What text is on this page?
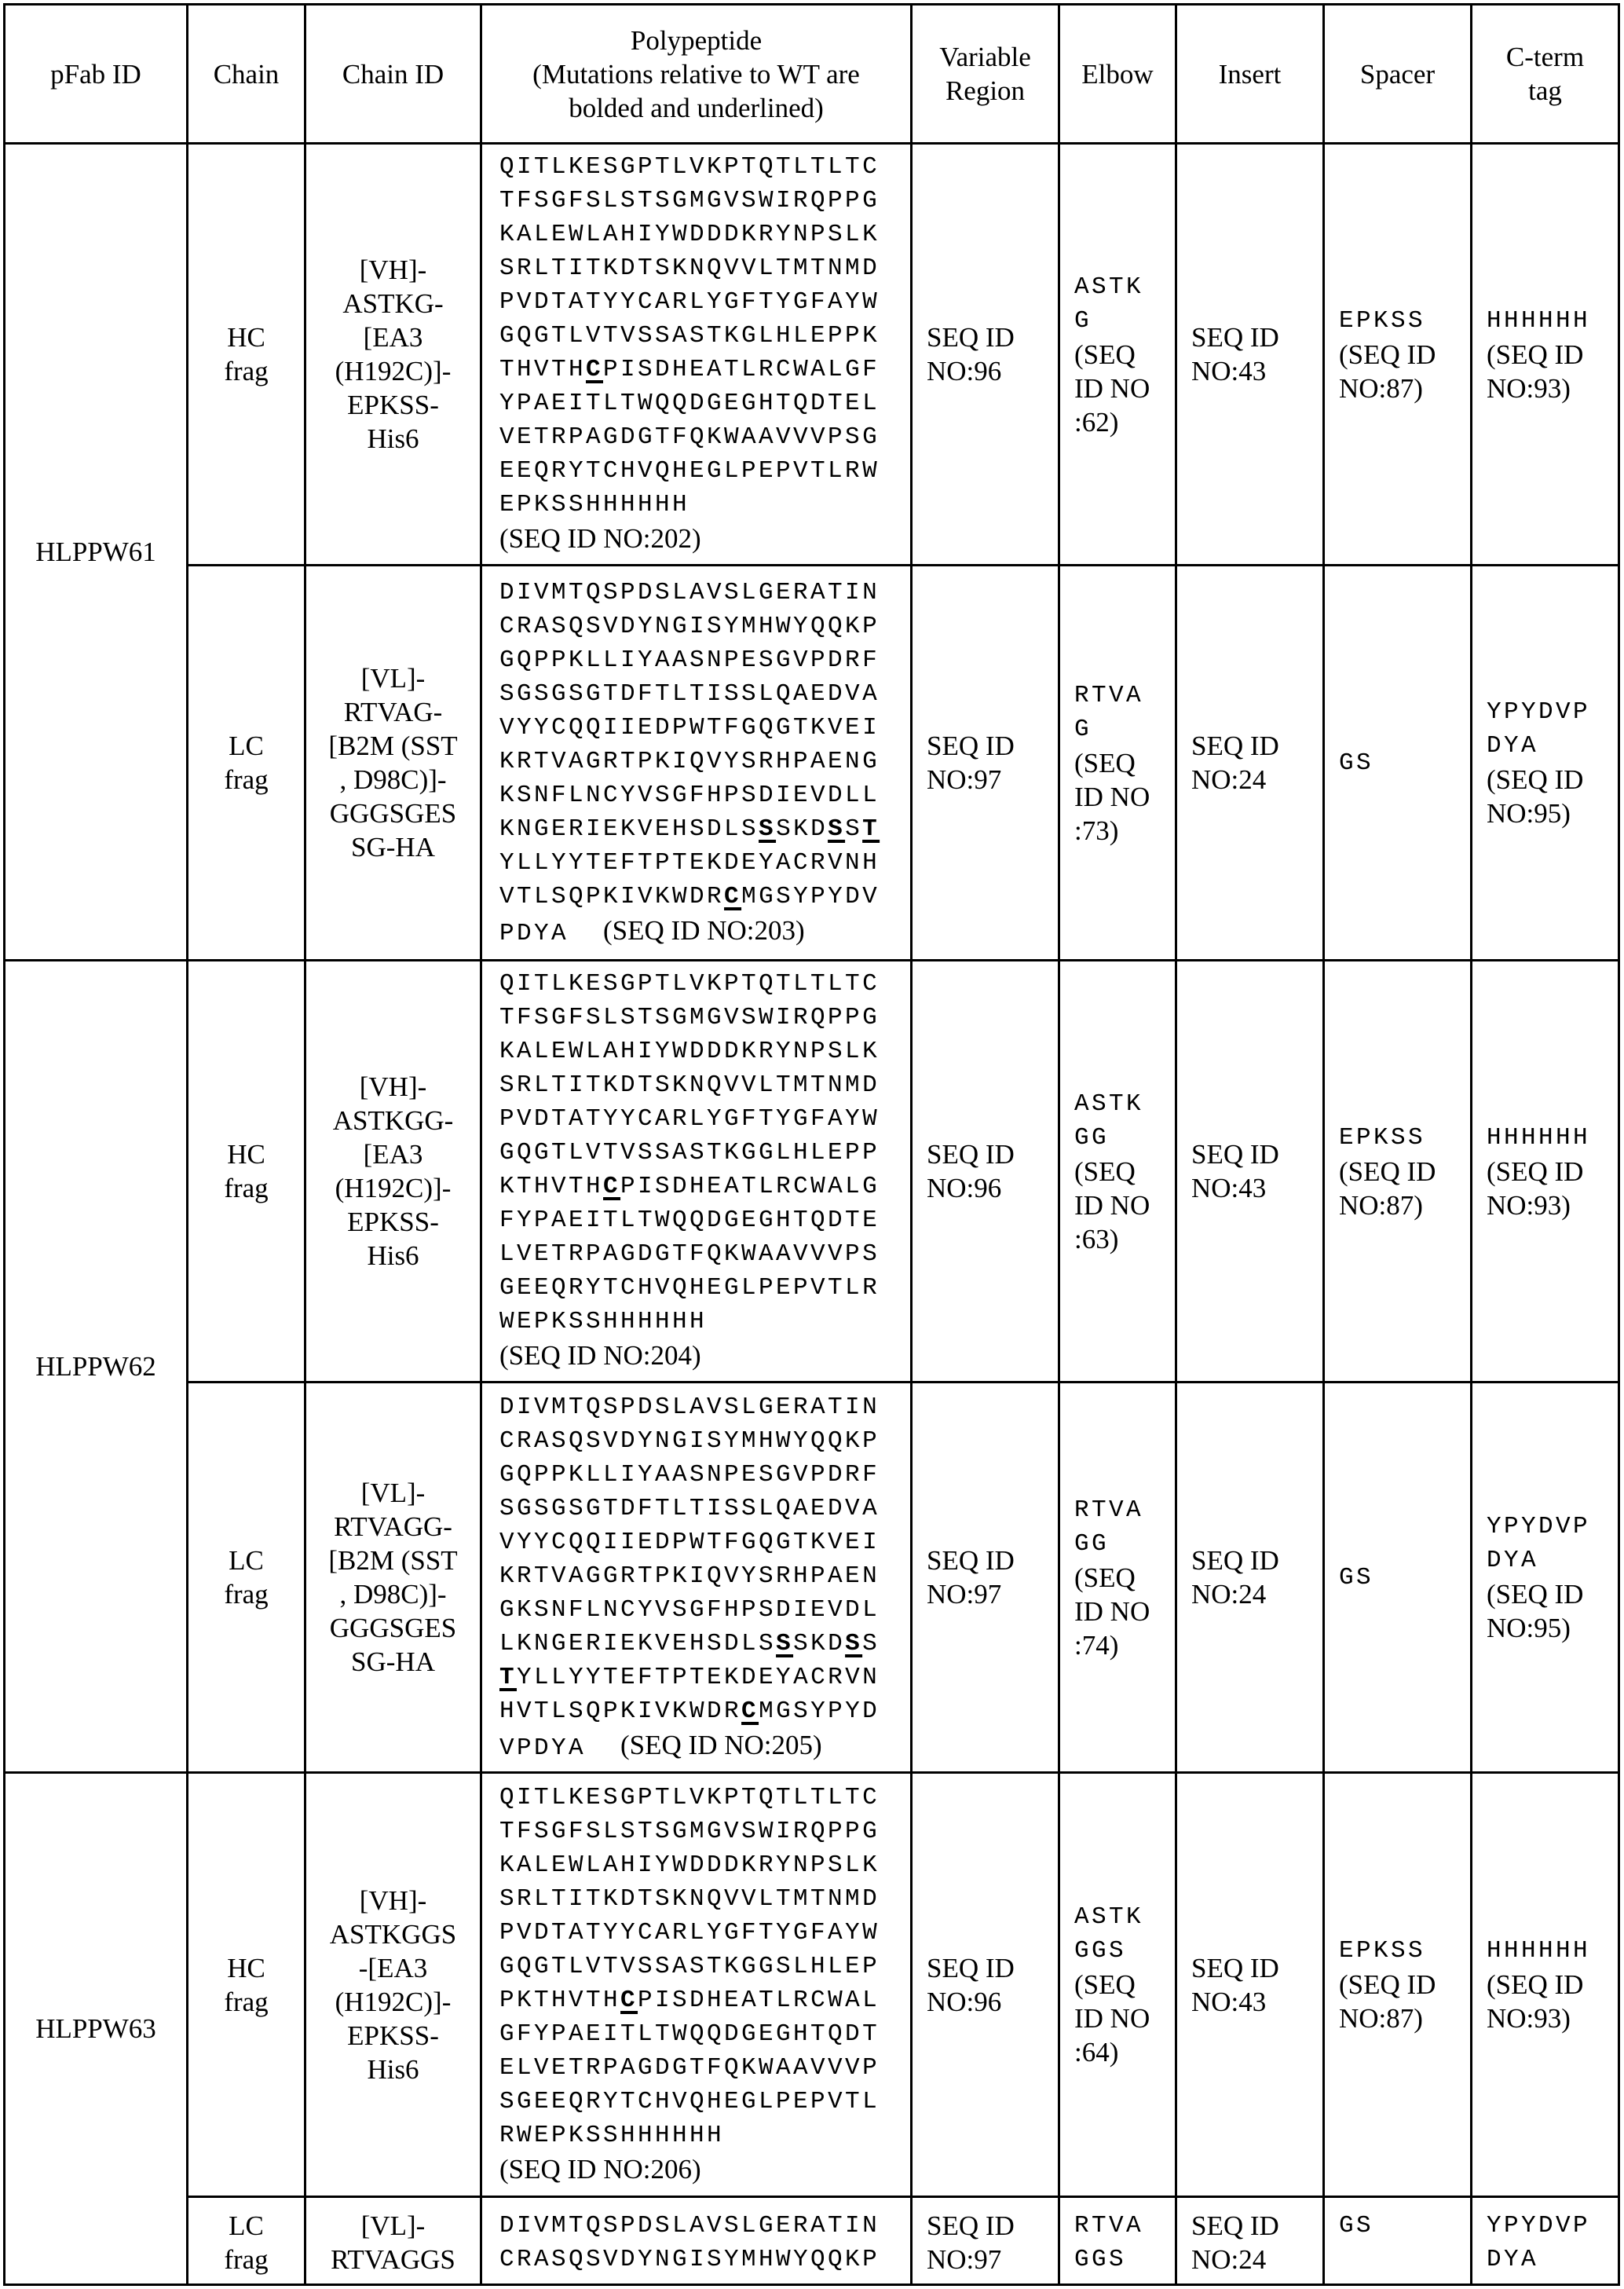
pFab ID	Chain	Chain ID

Polypeptide
(Mutations relative to WT are
bolded and underlined)

Variable
Region

Elbow	Insert	Spacer

C-term
tag

HLPPW61

HC
frag

[VH]-
ASTKG-
[EA3
(H192C)]-
EPKSS-
His6

QITLKESGPTLVKPTQTLTLTC
TFSGFSLSTSGMGVSWIRQPPG
KALEWLAHIYWDDDKRYNPSLK
SRLTITKDTSKNQVVLTMTNMD
PVDTATYYCARLYGFTYGFAYW
GQGTLVTVSSASTKGLHLEPPK
THVTHCPISDHEATLRCWALGF
YPAEITLTWQQDGEGHTQDTEL
VETRPAGDGTFQKWAAVVVPSG
EEQRYTCHVQHEGLPEPVTLRW
EPKSSHHHHHH
(SEQ ID NO:202)

SEQ ID
NO:96

ASTK
G
(SEQ
ID NO
:62)

SEQ ID
NO:43

EPKSS
(SEQ ID
NO:87)

HHHHHH
(SEQ ID
NO:93)

LC
frag

[VL]-
RTVAG-
[B2M (SST
, D98C)]-
GGGSGES
SG-HA

DIVMTQSPDSLAVSLGERATIN
CRASQSVDYNGISYMHWYQQKP
GQPPKLLIYAASNPESGVPDRF
SGSGSGTDFTLTISSLQAEDVA
VYYCQQIIEDPWTFGQGTKVEI
KRTVAGRTPKIQVYSRHPAENG
KSNFLNCYVSGFHPSDIEVDLL
KNGERIEKVEHSDLSSSKDSST
YLLYYTEFTPTEKDEYACRVNH
VTLSQPKIVKWDRCMGSYPYDV
PDYA  (SEQ ID NO:203)

SEQ ID
NO:97

RTVA
G
(SEQ
ID NO
:73)

SEQ ID
NO:24

GS

YPYDVP
DYA
(SEQ ID
NO:95)

HLPPW62

HC
frag

[VH]-
ASTKGG-
[EA3
(H192C)]-
EPKSS-
His6

QITLKESGPTLVKPTQTLTLTC
TFSGFSLSTSGMGVSWIRQPPG
KALEWLAHIYWDDDKRYNPSLK
SRLTITKDTSKNQVVLTMTNMD
PVDTATYYCARLYGFTYGFAYW
GQGTLVTVSSASTKGGLHLEPP
KTHVTHCPISDHEATLRCWALG
FYPAEITLTWQQDGEGHTQDTE
LVETRPAGDGTFQKWAAVVVPS
GEEQRYTCHVQHEGLPEPVTLR
WEPKSSHHHHHH
(SEQ ID NO:204)

SEQ ID
NO:96

ASTK
GG
(SEQ
ID NO
:63)

SEQ ID
NO:43

EPKSS
(SEQ ID
NO:87)

HHHHHH
(SEQ ID
NO:93)

LC
frag

[VL]-
RTVAGG-
[B2M (SST
, D98C)]-
GGGSGES
SG-HA

DIVMTQSPDSLAVSLGERATIN
CRASQSVDYNGISYMHWYQQKP
GQPPKLLIYAASNPESGVPDRF
SGSGSGTDFTLTISSLQAEDVA
VYYCQQIIEDPWTFGQGTKVEI
KRTVAGGRTPKIQVYSRHPAEN
GKSNFLNCYVSGFHPSDIEVDL
LKNGERIEKVEHSDLSSSKDSS
TYLLYYTEFTPTEKDEYACRVN
HVTLSQPKIVKWDRCMGSYPYD
VPDYA  (SEQ ID NO:205)

SEQ ID
NO:97

RTVA
GG
(SEQ
ID NO
:74)

SEQ ID
NO:24

GS

YPYDVP
DYA
(SEQ ID
NO:95)

HLPPW63

HC
frag

[VH]-
ASTKGGS
-[EA3
(H192C)]-
EPKSS-
His6

QITLKESGPTLVKPTQTLTLTC
TFSGFSLSTSGMGVSWIRQPPG
KALEWLAHIYWDDDKRYNPSLK
SRLTITKDTSKNQVVLTMTNMD
PVDTATYYCARLYGFTYGFAYW
GQGTLVTVSSASTKGGSLHLEP
PKTHVTHCPISDHEATLRCWAL
GFYPAEITLTWQQDGEGHTQDT
ELVETRPAGDGTFQKWAAVVVP
SGEEQRYTCHVQHEGLPEPVTL
RWEPKSSHHHHHH
(SEQ ID NO:206)

SEQ ID
NO:96

ASTK
GGS
(SEQ
ID NO
:64)

SEQ ID
NO:43

EPKSS
(SEQ ID
NO:87)

HHHHHH
(SEQ ID
NO:93)

LC
frag

[VL]-
RTVAGGS

DIVMTQSPDSLAVSLGERATIN
CRASQSVDYNGISYMHWYQQKP

SEQ ID
NO:97

RTVA
GGS

SEQ ID
NO:24

GS	YPYDVP
DYA
